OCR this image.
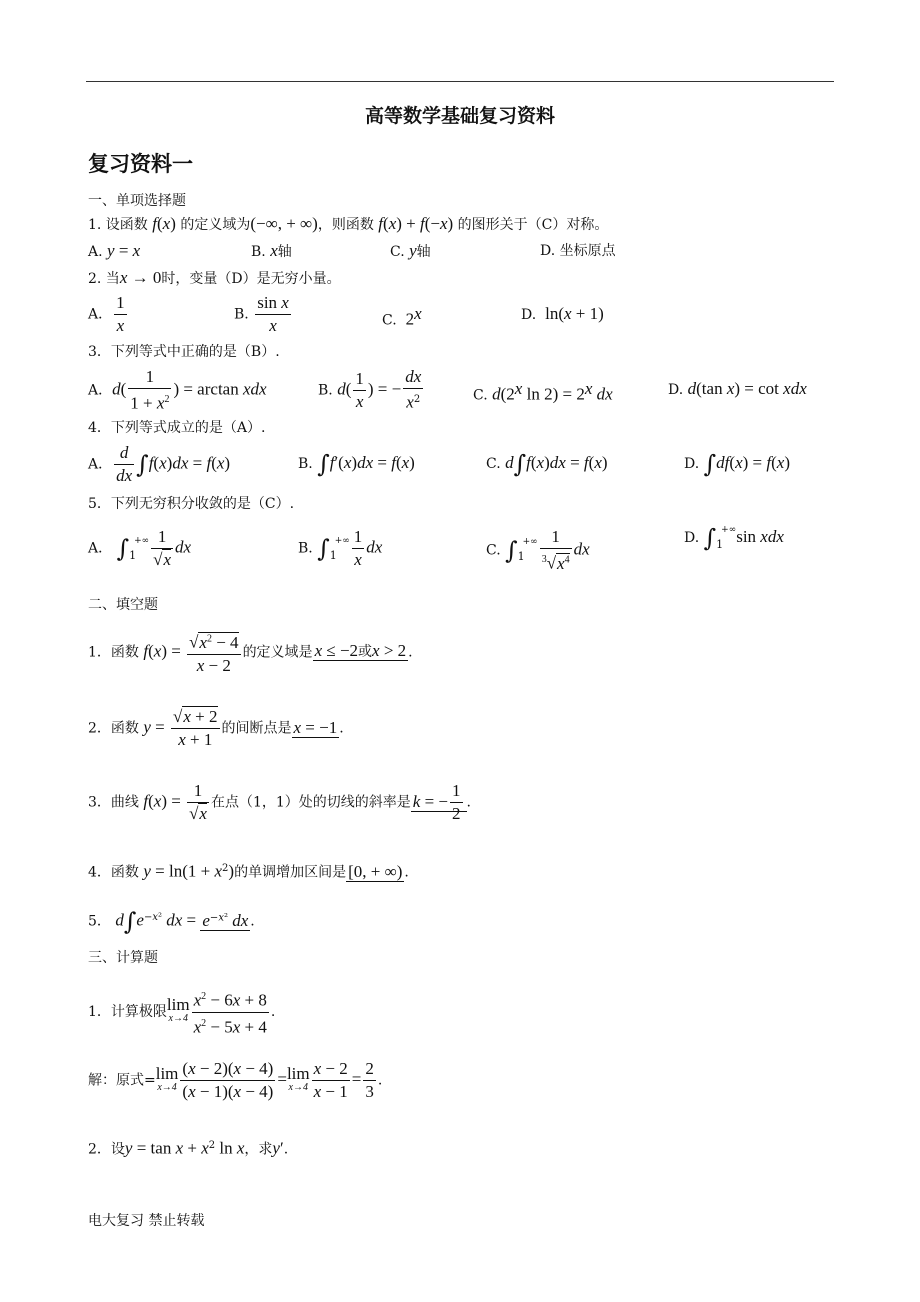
高等数学基础复习资料
复习资料一
一、单项选择题
1. 设函数 f(x) 的定义域为(−∞, + ∞)，则函数 f(x) + f(−x) 的图形关于（C）对称。
A. y = x	B. x轴	C. y轴	D. 坐标原点
2. 当x → 0时，变量（D）是无穷小量。
A． $\frac{1}{x}$	B. $\frac{\text{sin x}}{x}$	C. 2$^x$	D. ln(x + 1)
3．下列等式中正确的是（B）.
A．$d( \frac{1}{1 + x^2}$ ) = arctan xdx	B. $d( \frac{1}{x}$ ) = − $\frac{dx}{x^2}$	C. d(2$^x$ $\ln 2) = 2^x$ dx	D. d(tan x) = cot xdx
4．下列等式成立的是（A）.
A． $\frac{d}{dx} \int f(x)dx = f(x)$	B. ∫f′(x)dx = f(x)	C. d∫f(x)dx = f(x)	D. ∫df(x) = f(x)
5．下列无穷积分收敛的是（C）.
A． $\int_1^{+\infty} \frac{1}{√x}$ dx	B. $\int_1^{+\infty} \frac{1}{x}$ dx	C. $\int_1^{+\infty} \frac{1}{^3√x^4}$ dx
D. $\int_1^{+\infty}\sin$ xdx
二、填空题
1．函数 $f(x) = \frac{√x^2 - 4}{x - 2}$ 的定义域是 x ≤ −2或x > 2 .
2．函数 $y = \frac{√x + 2}{x + 1}$ 的间断点是 x = −1 .
3．曲线 $f(x) = \frac{1}{√x}$ 在点（1，1）处的切线的斜率是 k = − $\frac{1}{2}$ .
4．函数 $y = \ln(1 + x^2)$的单调增加区间是 [0, + ∞) .
5． $d\int e^{-x^2}$ dx = $e^{-x^2}$ dx .
三、计算题
1．计算极限 lim
$x\to 4 \frac{x^2 - 6x + 8}{x^2 - 5x + 4}$ .
解：原式= lim
$x\to 4 \frac{(x - 2)(x - 4)}{(x - 1)(x - 4)} = \lim$
$x\to 4 \frac{x - 2}{x - 1} = \frac{2}{3}$ .
2．设$y = \tan x + x^2$ ln x，求y′.
电大复习 禁止转载
